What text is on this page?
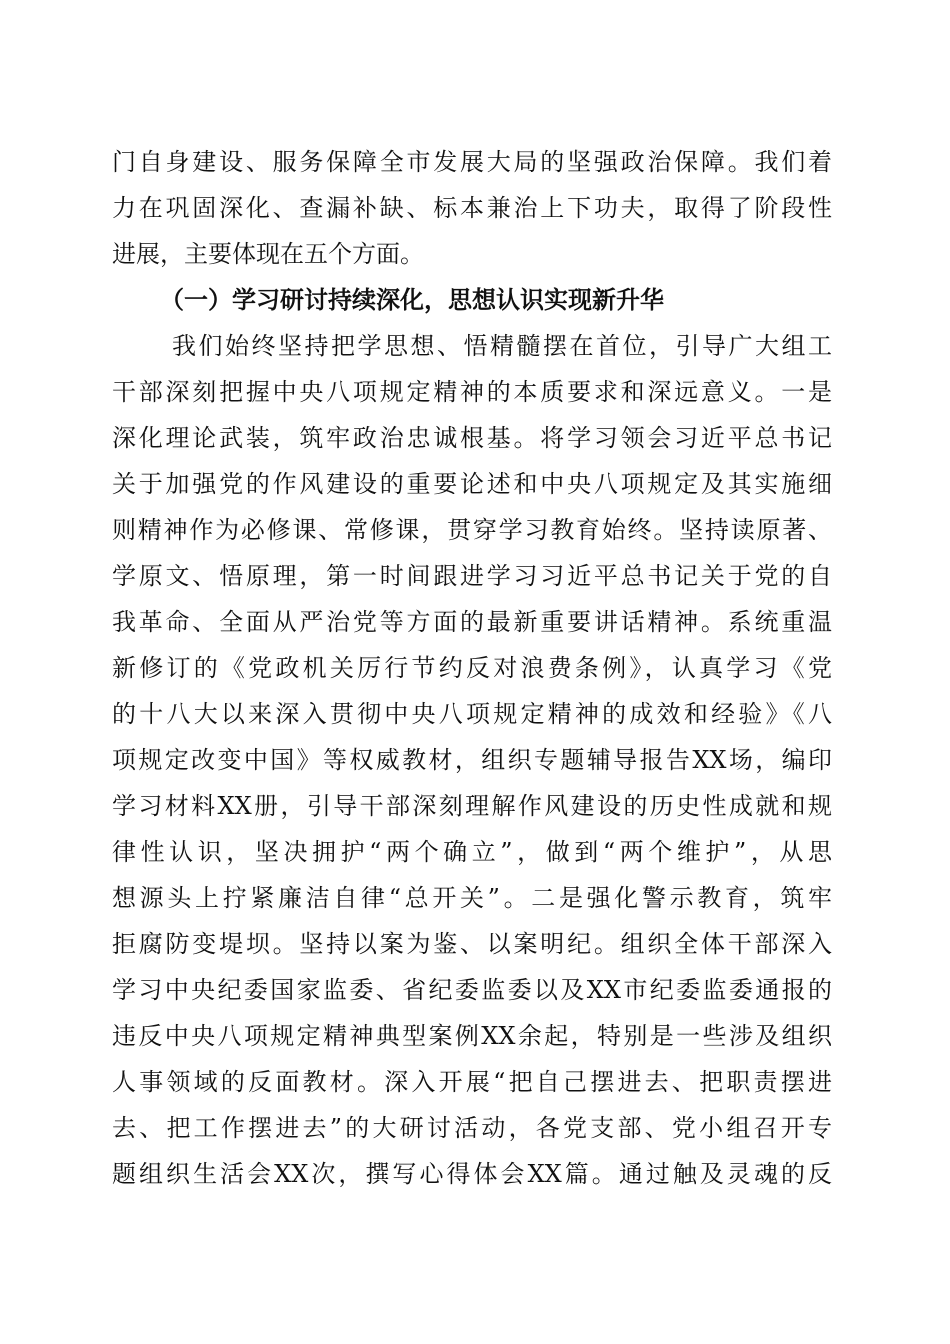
门自身建设、服务保障全市发展大局的坚强政治保障。我们着

力在巩固深化、查漏补缺、标本兼治上下功夫，取得了阶段性

进展，主要体现在五个方面。

（一）学习研讨持续深化，思想认识实现新升华

我们始终坚持把学思想、悟精髓摆在首位，引导广大组工

干部深刻把握中央八项规定精神的本质要求和深远意义。一是

深化理论武装，筑牢政治忠诚根基。将学习领会习近平总书记

关于加强党的作风建设的重要论述和中央八项规定及其实施细

则精神作为必修课、常修课，贯穿学习教育始终。坚持读原著、

学原文、悟原理，第一时间跟进学习习近平总书记关于党的自

我革命、全面从严治党等方面的最新重要讲话精神。系统重温

新修订的《党政机关厉行节约反对浪费条例》，认真学习《党

的十八大以来深入贯彻中央八项规定精神的成效和经验》《八

项规定改变中国》等权威教材，组织专题辅导报告XX场，编印

学习材料XX册，引导干部深刻理解作风建设的历史性成就和规

律性认识，坚决拥护“两个确立”，做到“两个维护”，从思

想源头上拧紧廉洁自律“总开关”。二是强化警示教育，筑牢

拒腐防变堤坝。坚持以案为鉴、以案明纪。组织全体干部深入

学习中央纪委国家监委、省纪委监委以及XX市纪委监委通报的

违反中央八项规定精神典型案例XX余起，特别是一些涉及组织

人事领域的反面教材。深入开展“把自己摆进去、把职责摆进

去、把工作摆进去”的大研讨活动，各党支部、党小组召开专

题组织生活会XX次，撰写心得体会XX篇。通过触及灵魂的反
